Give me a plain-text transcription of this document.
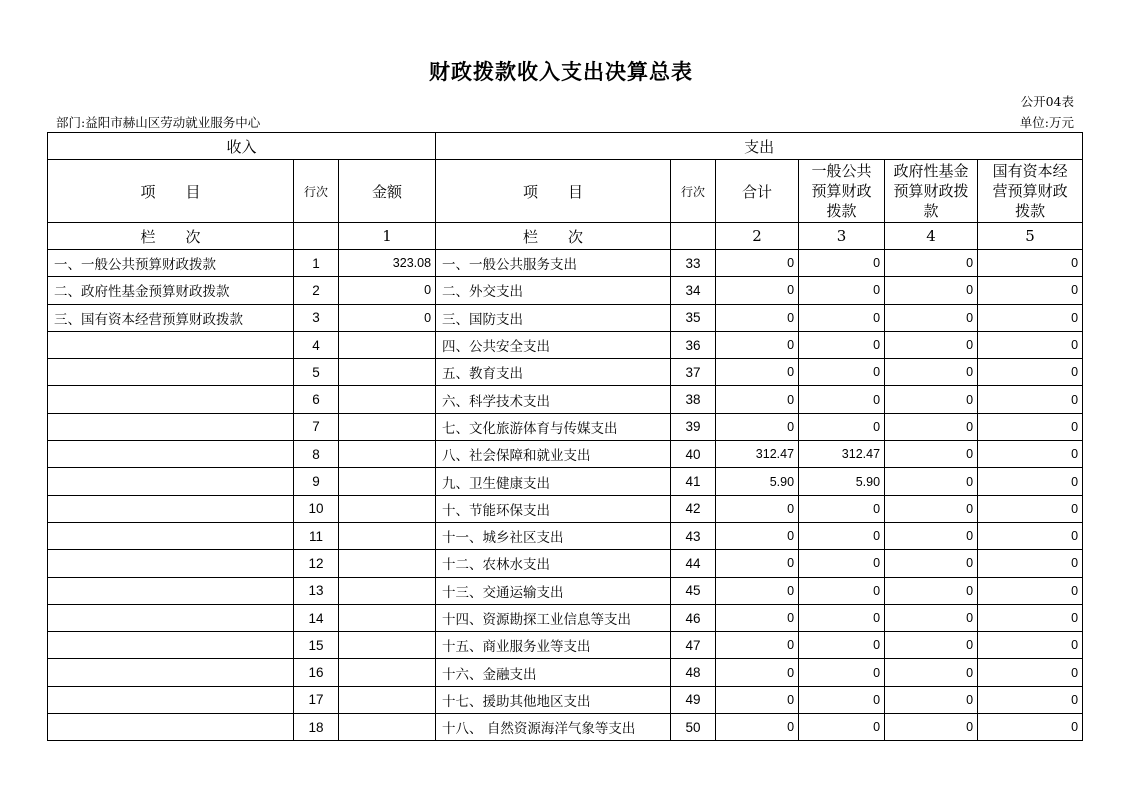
财政拨款收入支出决算总表
公开04表
部门:益阳市赫山区劳动就业服务中心	单位:万元
收入			支出					
项　　目	行次	金额	项　　目	行次	合计	一般公共预算财政拨款	政府性基金预算财政拨款	国有资本经营预算财政拨款
栏　　次		1	栏　　次		2	3	4	5
一、一般公共预算财政拨款	1	323.08	一、一般公共服务支出	33	0	0	0	0
二、政府性基金预算财政拨款	2	0	二、外交支出	34	0	0	0	0
三、国有资本经营预算财政拨款	3	0	三、国防支出	35	0	0	0	0
	4		四、公共安全支出	36	0	0	0	0
	5		五、教育支出	37	0	0	0	0
	6		六、科学技术支出	38	0	0	0	0
	7		七、文化旅游体育与传媒支出	39	0	0	0	0
	8		八、社会保障和就业支出	40	312.47	312.47	0	0
	9		九、卫生健康支出	41	5.90	5.90	0	0
	10		十、节能环保支出	42	0	0	0	0
	11		十一、城乡社区支出	43	0	0	0	0
	12		十二、农林水支出	44	0	0	0	0
	13		十三、交通运输支出	45	0	0	0	0
	14		十四、资源勘探工业信息等支出	46	0	0	0	0
	15		十五、商业服务业等支出	47	0	0	0	0
	16		十六、金融支出	48	0	0	0	0
	17		十七、援助其他地区支出	49	0	0	0	0
	18		十八、 自然资源海洋气象等支出	50	0	0	0	0
